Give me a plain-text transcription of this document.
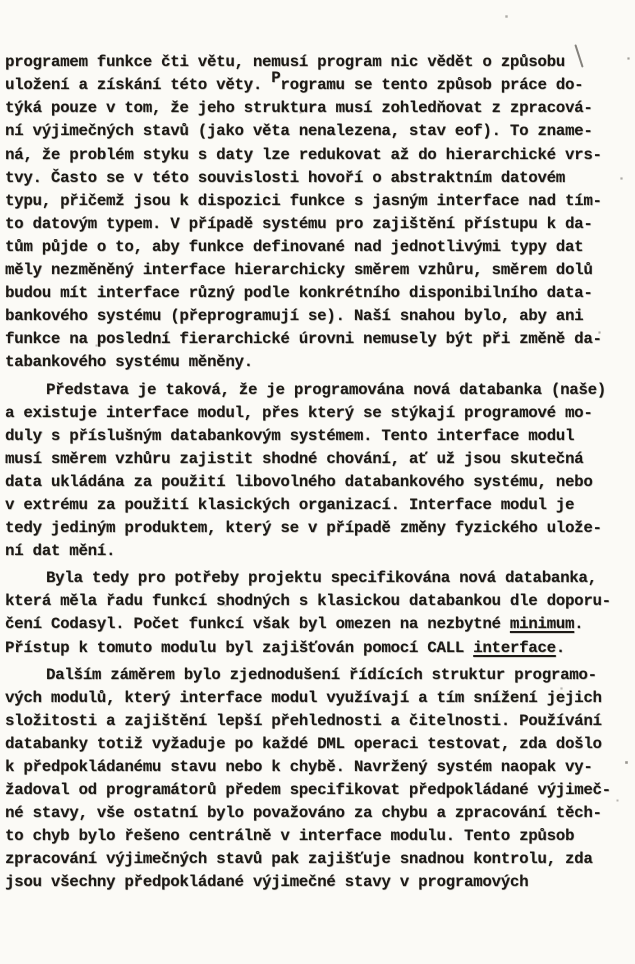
programem funkce čti větu, nemusí program nic vědět o způsobu
uložení a získání této věty. Programu se tento způsob práce do-
týká pouze v tom, že jeho struktura musí zohledňovat z zpracová-
ní výjimečných stavů (jako věta nenalezena, stav eof). To zname-
ná, že problém styku s daty lze redukovat až do hierarchické vrs-
tvy. Často se v této souvislosti hovoří o abstraktním datovém
typu, přičemž jsou k dispozici funkce s jasným interface nad tím-
to datovým typem. V případě systému pro zajištění přístupu k da-
tům půjde o to, aby funkce definované nad jednotlivými typy dat
měly nezměněný interface hierarchicky směrem vzhůru, směrem dolů
budou mít interface různý podle konkrétního disponibilního data-
bankového systému (přeprogramují se). Naší snahou bylo, aby ani
funkce na poslední fierarchické úrovni nemusely být při změně da-
tabankového systému měněny.
Představa je taková, že je programována nová databanka (naše)
a existuje interface modul, přes který se stýkají programové mo-
duly s příslušným databankovým systémem. Tento interface modul
musí směrem vzhůru zajistit shodné chování, ať už jsou skutečná
data ukládána za použití libovolného databankového systému, nebo
v extrému za použití klasických organizací. Interface modul je
tedy jediným produktem, který se v případě změny fyzického ulože-
ní dat mění.
Byla tedy pro potřeby projektu specifikována nová databanka,
která měla řadu funkcí shodných s klasickou databankou dle doporu-
čení Codasyl. Počet funkcí však byl omezen na nezbytné minimum.
Přístup k tomuto modulu byl zajišťován pomocí CALL interface.
Dalším záměrem bylo zjednodušení řídících struktur programo-
vých modulů, který interface modul využívají a tím snížení jejich
složitosti a zajištění lepší přehlednosti a čitelnosti. Používání
databanky totiž vyžaduje po každé DML operaci testovat, zda došlo
k předpokládanému stavu nebo k chybě. Navržený systém naopak vy-
žadoval od programátorů předem specifikovat předpokládané výjimeč-
né stavy, vše ostatní bylo považováno za chybu a zpracování těch-
to chyb bylo řešeno centrálně v interface modulu. Tento způsob
zpracování výjimečných stavů pak zajišťuje snadnou kontrolu, zda
jsou všechny předpokládané výjimečné stavy v programových
